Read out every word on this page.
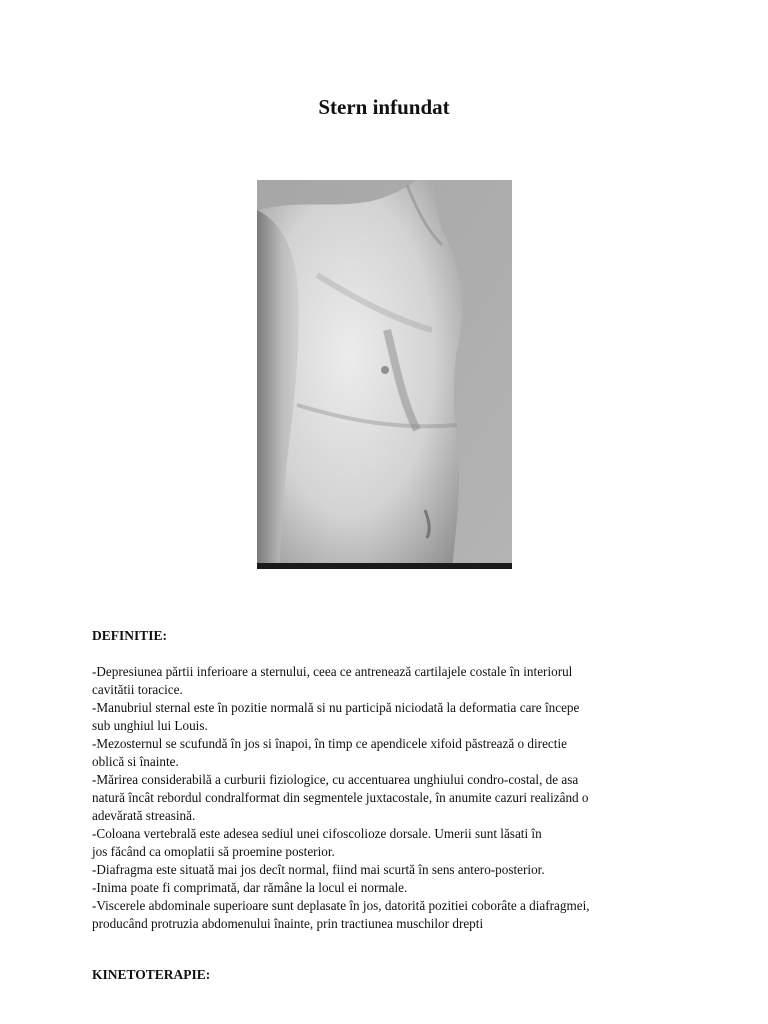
Stern infundat
DEFINITIE:
-Depresiunea părtii inferioare a sternului, ceea ce antrenează cartilajele costale în interiorul
cavitătii toracice.
-Manubriul sternal este în pozitie normală si nu participă niciodată la deformatia care începe
sub unghiul lui Louis.
-Mezosternul se scufundă în jos si înapoi, în timp ce apendicele xifoid păstrează o directie
oblică si înainte.
-Mărirea considerabilă a curburii fiziologice, cu accentuarea unghiului condro-costal, de asa
natură încât rebordul condralformat din segmentele juxtacostale, în anumite cazuri realizând o
adevărată streasină.
-Coloana vertebrală este adesea sediul unei cifoscolioze dorsale. Umerii sunt lăsati în
jos făcând ca omoplatii să proemine posterior.
-Diafragma este situată mai jos decît normal, fiind mai scurtă în sens antero-posterior.
-Inima poate fi comprimată, dar rămâne la locul ei normale.
-Viscerele abdominale superioare sunt deplasate în jos, datorită pozitiei coborâte a diafragmei,
producând protruzia abdomenului înainte, prin tractiunea muschilor drepti
KINETOTERAPIE:
